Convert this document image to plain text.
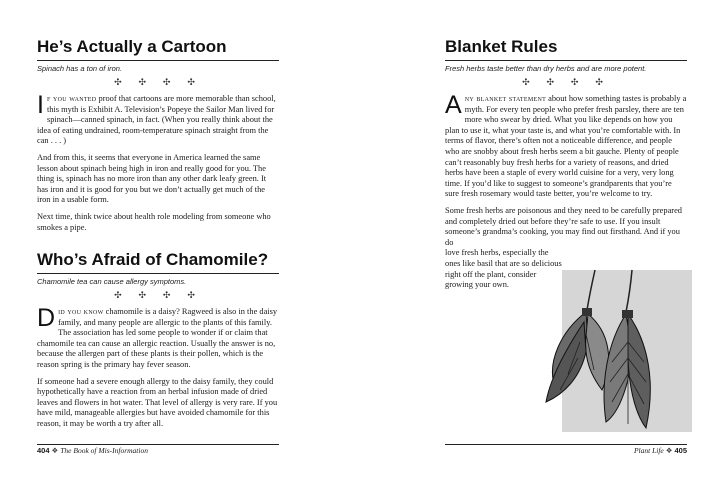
He’s Actually a Cartoon

Spinach has a ton of iron.

✣ ✣ ✣ ✣

If you wanted proof that cartoons are more memorable than school, this myth is Exhibit A. Television’s Popeye the Sailor Man lived for spinach—canned spinach, in fact. (When you really think about the idea of eating undrained, room-temperature spinach straight from the can . . . )

And from this, it seems that everyone in America learned the same lesson about spinach being high in iron and really good for you. The thing is, spinach has no more iron than any other dark leafy green. It has iron and it is good for you but we don’t actually get much of the iron in a usable form.

Next time, think twice about health role modeling from someone who smokes a pipe.

Who’s Afraid of Chamomile?

Chamomile tea can cause allergy symptoms.

✣ ✣ ✣ ✣

Did you know chamomile is a daisy? Ragweed is also in the daisy family, and many people are allergic to the plants of this family. The association has led some people to wonder if or claim that chamomile tea can cause an allergic reaction. Usually the answer is no, because the allergen part of these plants is their pollen, which is the reason spring is the primary hay fever season.

If someone had a severe enough allergy to the daisy family, they could hypothetically have a reaction from an herbal infusion made of dried leaves and flowers in hot water. That level of allergy is very rare. If you have mild, manageable allergies but have avoided chamomile for this reason, it may be worth a try after all.

404 ❖ The Book of Mis-Information
Blanket Rules

Fresh herbs taste better than dry herbs and are more potent.

✣ ✣ ✣ ✣

Any blanket statement about how something tastes is probably a myth. For every ten people who prefer fresh parsley, there are ten more who swear by dried. What you like depends on how you plan to use it, what your taste is, and what you’re comfortable with. In terms of flavor, there’s often not a noticeable difference, and people who are snobby about fresh herbs seem a bit gauche. Plenty of people can’t reasonably buy fresh herbs for a variety of reasons, and dried herbs have been a staple of every world cuisine for a very, very long time. If you’d like to suggest to someone’s grandparents that you’re sure fresh rosemary would taste better, you’re welcome to try.

Some fresh herbs are poisonous and they need to be carefully prepared and completely dried out before they’re safe to use. If you insult someone’s grandma’s cooking, you may find out firsthand. And if you do

love fresh herbs, especially the ones like basil that are so delicious right off the plant, consider growing your own.

Plant Life ❖ 405
